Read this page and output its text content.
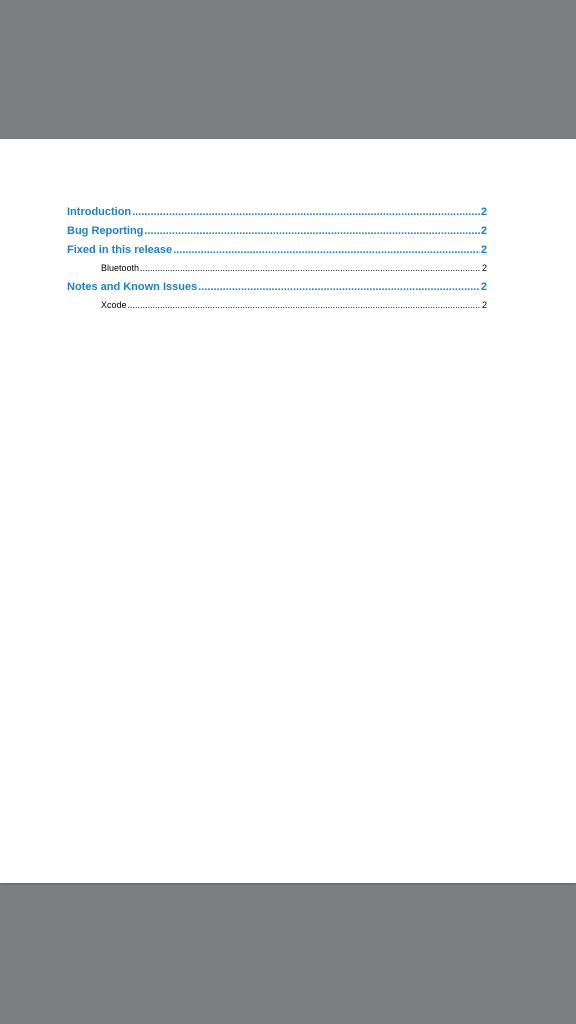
Introduction .....	2
Bug Reporting .....	2
Fixed in this release .....	2
Bluetooth .....	2
Notes and Known Issues .....	2
Xcode .....	2
